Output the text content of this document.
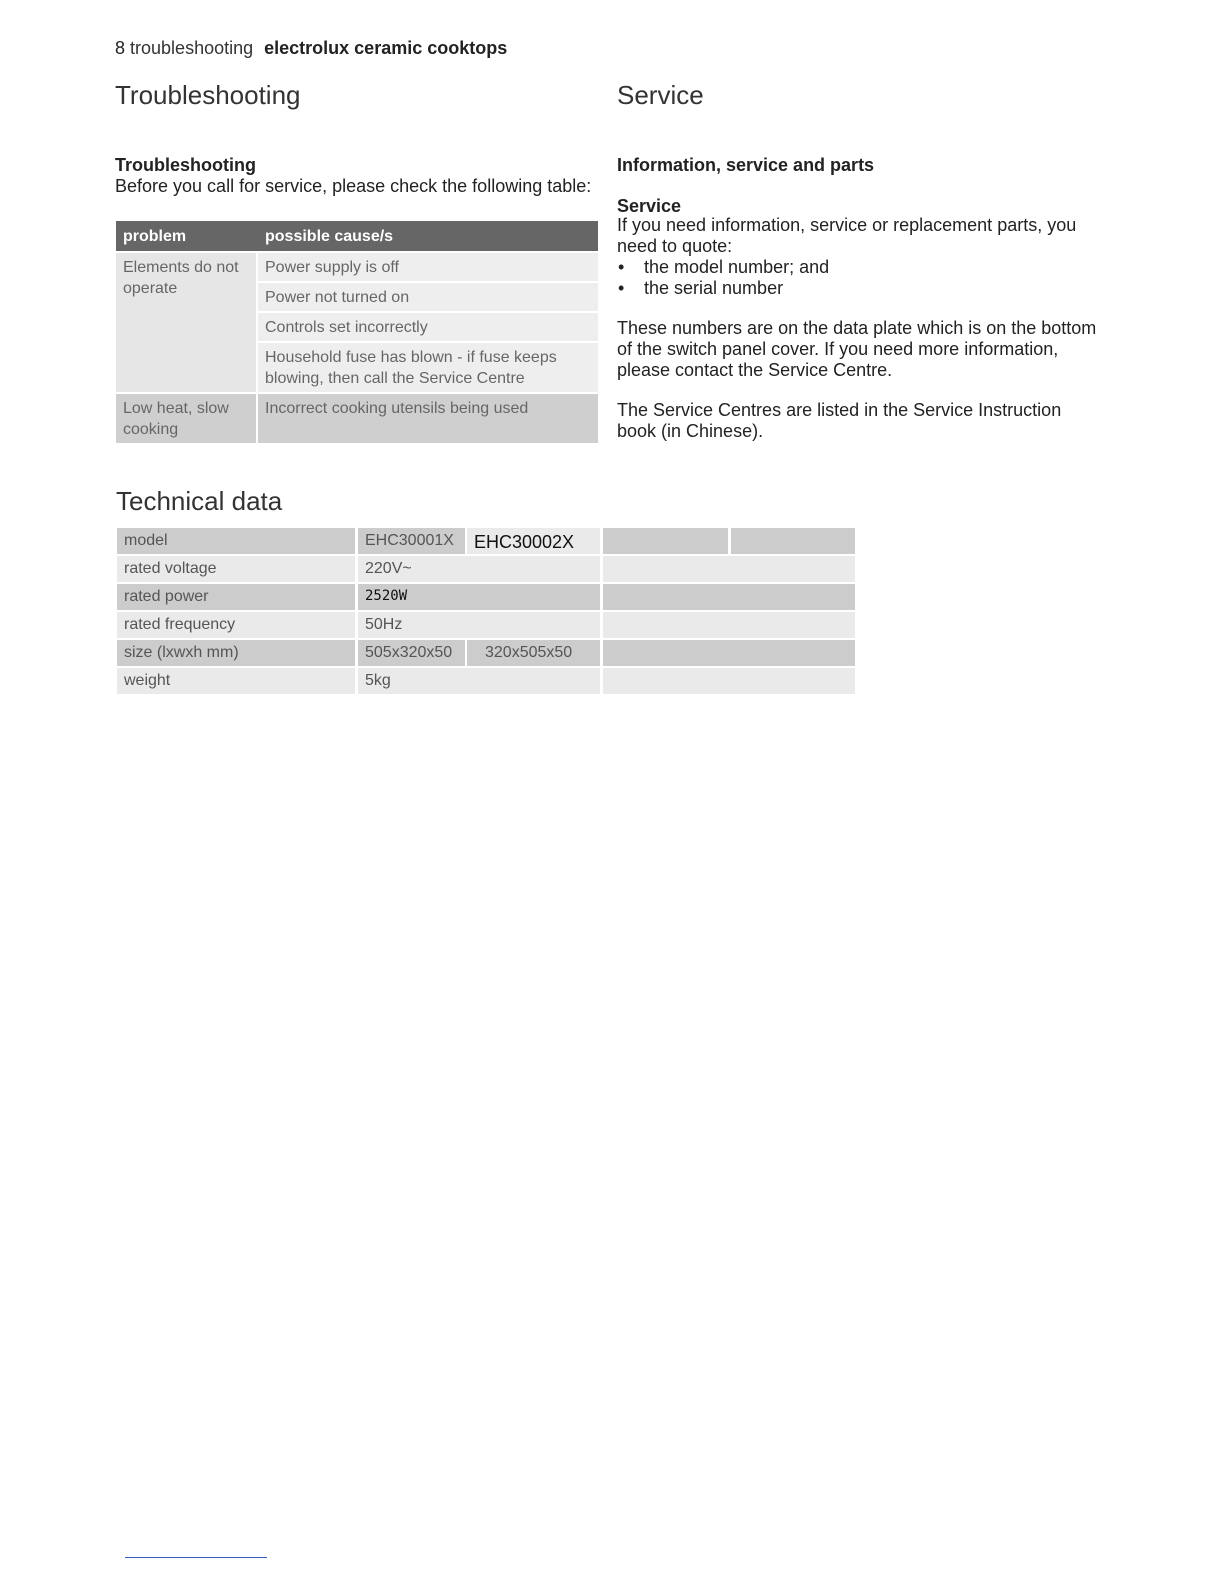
8 troubleshooting electrolux ceramic cooktops
Troubleshooting	Service
Troubleshooting
Before you call for service, please check the following table:
problem	possible cause/s
Elements do not operate	Power supply is off
	Power not turned on
	Controls set incorrectly
	Household fuse has blown - if fuse keeps blowing, then call the Service Centre
Low heat, slow cooking	Incorrect cooking utensils being used
Information, service and parts
Service
If you need information, service or replacement parts, you need to quote:
• the model number; and
• the serial number
These numbers are on the data plate which is on the bottom of the switch panel cover. If you need more information, please contact the Service Centre.
The Service Centres are listed in the Service Instruction book (in Chinese).
Technical data
model	EHC30001X	EHC30002X
rated voltage	220V~
rated power	2520W
rated frequency	50Hz
size (lxwxh mm)	505x320x50	320x505x50
weight	5kg
